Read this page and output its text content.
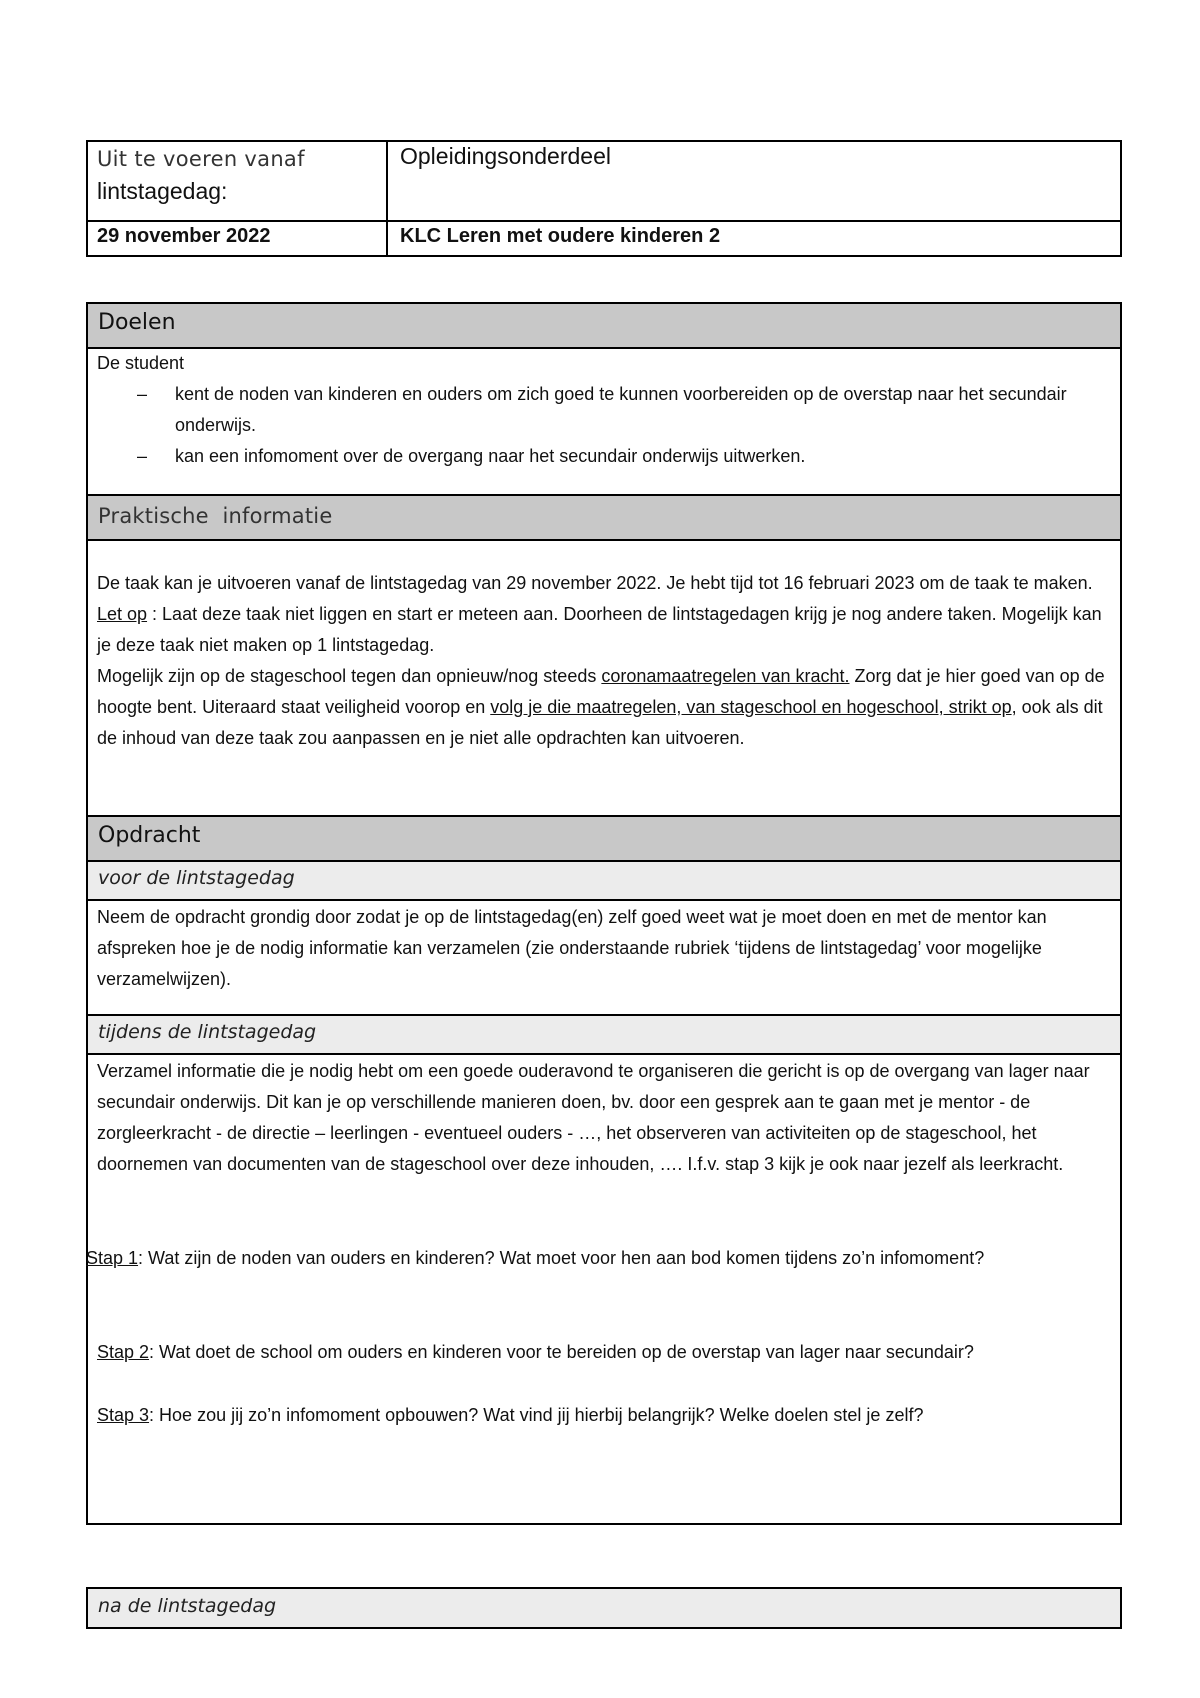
Uit te voeren vanaf
lintstagedag:
Opleidingsonderdeel
29 november 2022	KLC Leren met oudere kinderen 2
Doelen

De student

– kent de noden van kinderen en ouders om zich goed te kunnen voorbereiden op de overstap naar het secundair onderwijs.
– kan een infomoment over de overgang naar het secundair onderwijs uitwerken.
Praktische  informatie

De taak kan je uitvoeren vanaf de lintstagedag van 29 november 2022. Je hebt tijd tot 16 februari 2023 om de taak te maken. Let op : Laat deze taak niet liggen en start er meteen aan. Doorheen de lintstagedagen krijg je nog andere taken. Mogelijk kan je deze taak niet maken op 1 lintstagedag.

Mogelijk zijn op de stageschool tegen dan opnieuw/nog steeds coronamaatregelen van kracht. Zorg dat je hier goed van op de hoogte bent. Uiteraard staat veiligheid voorop en volg je die maatregelen, van stageschool en hogeschool, strikt op, ook als dit de inhoud van deze taak zou aanpassen en je niet alle opdrachten kan uitvoeren.

Opdracht
voor de lintstagedag
Neem de opdracht grondig door zodat je op de lintstagedag(en) zelf goed weet wat je moet doen en met de mentor kan afspreken hoe je de nodig informatie kan verzamelen (zie onderstaande rubriek ‘tijdens de lintstagedag’ voor mogelijke verzamelwijzen).
tijdens de lintstagedag
Verzamel informatie die je nodig hebt om een goede ouderavond te organiseren die gericht is op de overgang van lager naar secundair onderwijs. Dit kan je op verschillende manieren doen, bv. door een gesprek aan te gaan met je mentor - de zorgleerkracht - de directie – leerlingen - eventueel ouders - …, het observeren van activiteiten op de stageschool, het doornemen van documenten van de stageschool over deze inhouden, …. I.f.v. stap 3 kijk je ook naar jezelf als leerkracht.
Stap 1: Wat zijn de noden van ouders en kinderen? Wat moet voor hen aan bod komen tijdens zo’n infomoment?
Stap 2: Wat doet de school om ouders en kinderen voor te bereiden op de overstap van lager naar secundair?
Stap 3: Hoe zou jij zo’n infomoment opbouwen? Wat vind jij hierbij belangrijk? Welke doelen stel je zelf?
na de lintstagedag
